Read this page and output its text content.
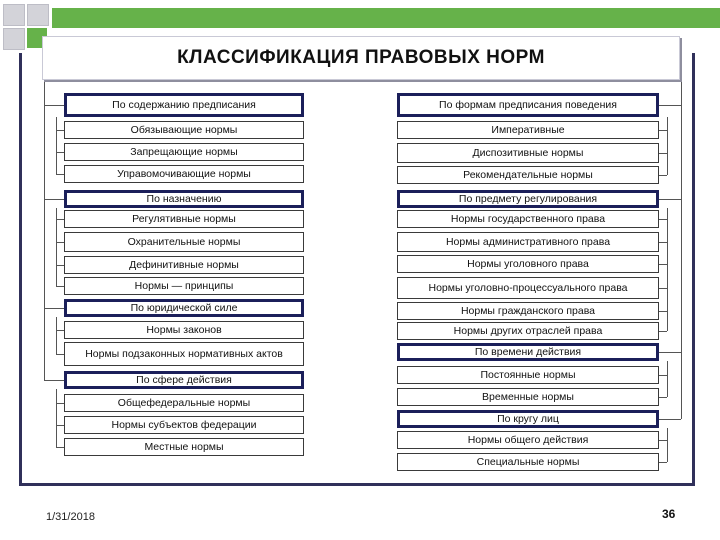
КЛАССИФИКАЦИЯ ПРАВОВЫХ НОРМ
По содержанию предписания
Обязывающие нормы
Запрещающие нормы
Управомочивающие нормы
По назначению
Регулятивные нормы
Охранительные нормы
Дефинитивные нормы
Нормы — принципы
По юридической силе
Нормы законов
Нормы подзаконных нормативных актов
По сфере действия
Общефедеральные нормы
Нормы субъектов федерации
Местные нормы
По формам предписания поведения
Императивные
Диспозитивные нормы
Рекомендательные нормы
По предмету регулирования
Нормы государственного права
Нормы административного права
Нормы уголовного права
Нормы уголовно-процессуального права
Нормы гражданского права
Нормы других отраслей права
По времени действия
Постоянные нормы
Временные нормы
По кругу лиц
Нормы общего действия
Специальные нормы
1/31/2018	36
